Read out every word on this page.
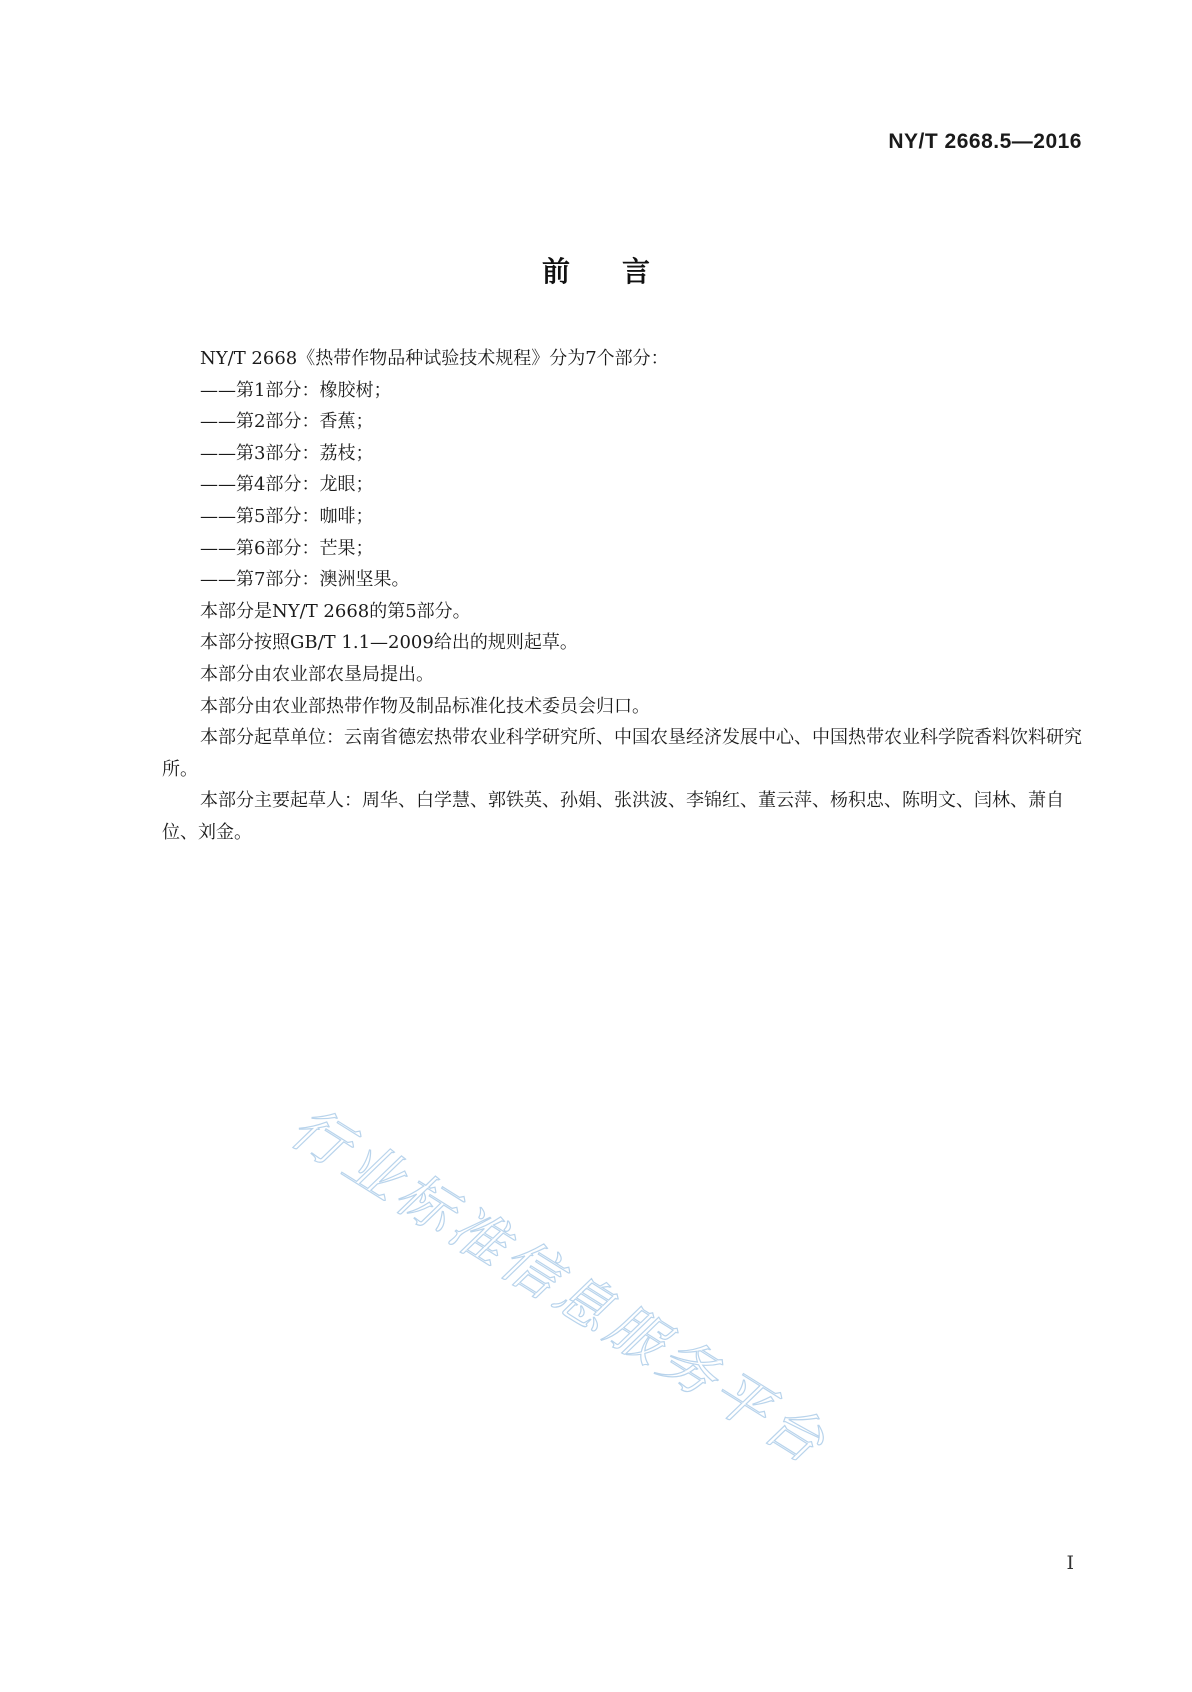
NY/T 2668.5—2016
前言

NY/T 2668《热带作物品种试验技术规程》分为7个部分：

——第1部分：橡胶树；

——第2部分：香蕉；

——第3部分：荔枝；

——第4部分：龙眼；

——第5部分：咖啡；

——第6部分：芒果；

——第7部分：澳洲坚果。

本部分是NY/T 2668的第5部分。

本部分按照GB/T 1.1—2009给出的规则起草。

本部分由农业部农垦局提出。

本部分由农业部热带作物及制品标准化技术委员会归口。

本部分起草单位：云南省德宏热带农业科学研究所、中国农垦经济发展中心、中国热带农业科学院香料饮料研究所。

本部分主要起草人：周华、白学慧、郭铁英、孙娟、张洪波、李锦红、董云萍、杨积忠、陈明文、闫林、萧自位、刘金。

行业标准信息服务平台
I
